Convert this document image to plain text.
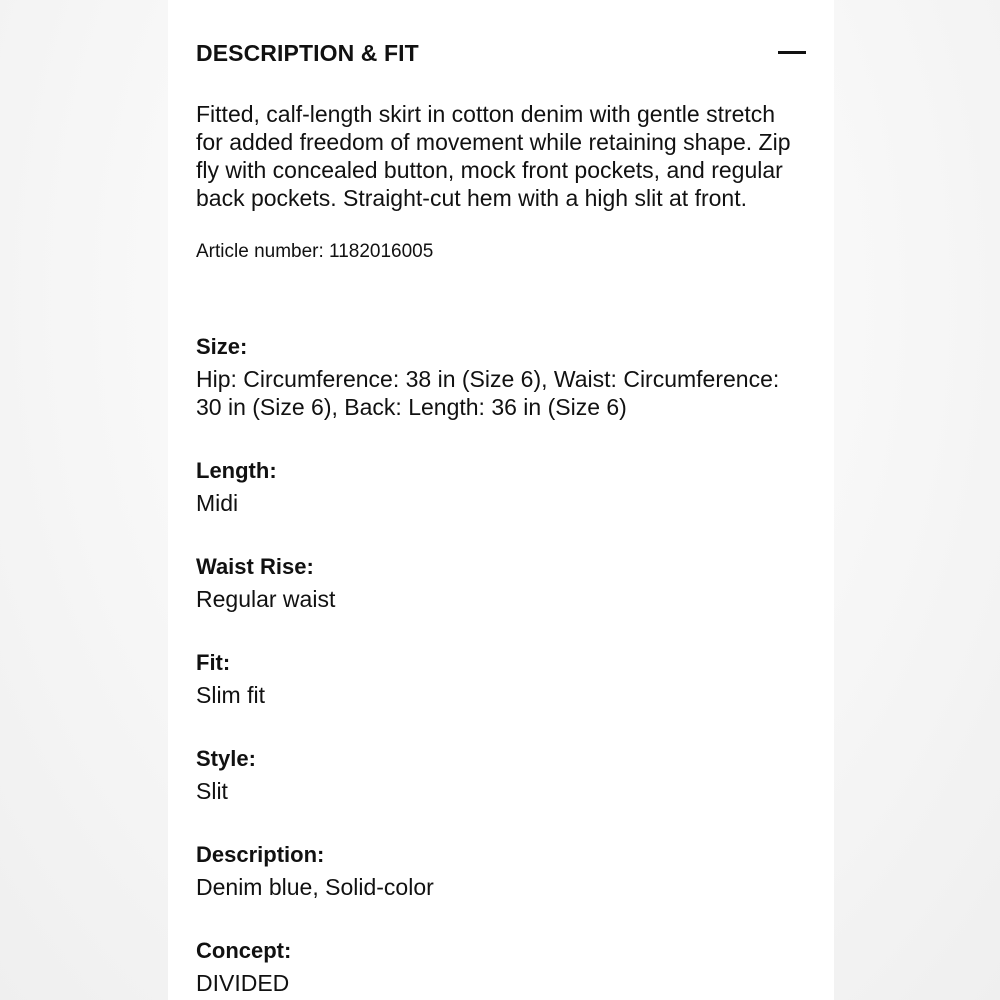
DESCRIPTION & FIT

Fitted, calf-length skirt in cotton denim with gentle stretch for added freedom of movement while retaining shape. Zip fly with concealed button, mock front pockets, and regular back pockets. Straight-cut hem with a high slit at front.

Article number: 1182016005
Size:
Hip: Circumference: 38 in (Size 6), Waist: Circumference: 30 in (Size 6), Back: Length: 36 in (Size 6)
Length:
Midi
Waist Rise:
Regular waist
Fit:
Slim fit
Style:
Slit
Description:
Denim blue, Solid-color
Concept:
DIVIDED
